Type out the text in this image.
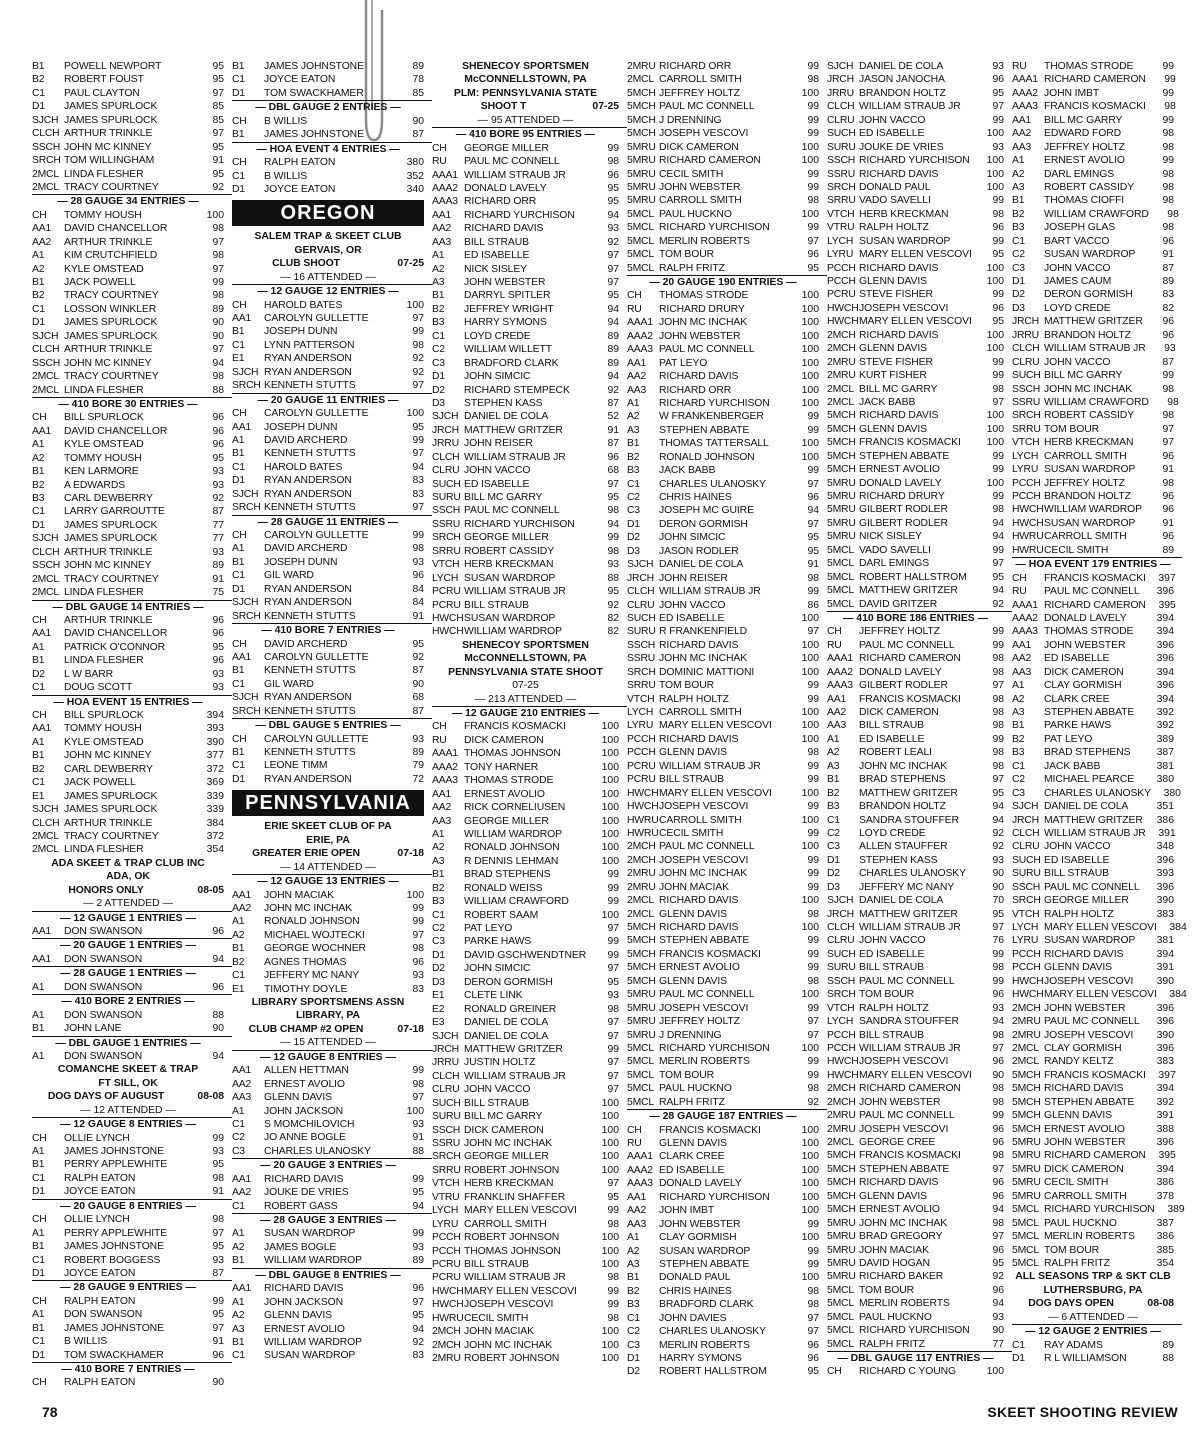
B1	POWELL NEWPORT	95
B2	ROBERT FOUST	95
C1	PAUL CLAYTON	97
D1	JAMES SPURLOCK	85
SJCH JAMES SPURLOCK	85
CLCH ARTHUR TRINKLE	97
SSCH JOHN MC KINNEY	95
SRCH TOM WILLINGHAM	91
2MCL LINDA FLESHER	95
2MCL TRACY COURTNEY	92
— 28 GAUGE 34 ENTRIES —
CH	TOMMY HOUSH	100
AA1	DAVID CHANCELLOR	98
AA2	ARTHUR TRINKLE	97
A1	KIM CRUTCHFIELD	98
A2	KYLE OMSTEAD	97
B1	JACK POWELL	99
B2	TRACY COURTNEY	98
C1	LOSSON WINKLER	89
D1	JAMES SPURLOCK	90
SJCH JAMES SPURLOCK	90
CLCH ARTHUR TRINKLE	97
SSCH JOHN MC KINNEY	94
2MCL TRACY COURTNEY	98
2MCL LINDA FLESHER	88
— 410 BORE 30 ENTRIES —
CH	BILL SPURLOCK	96
AA1	DAVID CHANCELLOR	96
A1	KYLE OMSTEAD	96
A2	TOMMY HOUSH	95
B1	KEN LARMORE	93
B2	A EDWARDS	93
B3	CARL DEWBERRY	92
C1	LARRY GARROUTTE	87
D1	JAMES SPURLOCK	77
SJCH JAMES SPURLOCK	77
CLCH ARTHUR TRINKLE	93
SSCH JOHN MC KINNEY	89
2MCL TRACY COURTNEY	91
2MCL LINDA FLESHER	75
— DBL GAUGE 14 ENTRIES —
CH	ARTHUR TRINKLE	96
AA1	DAVID CHANCELLOR	96
A1	PATRICK O'CONNOR	95
B1	LINDA FLESHER	96
D2	L W BARR	93
C1	DOUG SCOTT	93
— HOA EVENT 15 ENTRIES —
CH	BILL SPURLOCK	394
AA1	TOMMY HOUSH	393
A1	KYLE OMSTEAD	390
B1	JOHN MC KINNEY	377
B2	CARL DEWBERRY	372
C1	JACK POWELL	369
E1	JAMES SPURLOCK	339
SJCH JAMES SPURLOCK	339
CLCH ARTHUR TRINKLE	384
2MCL TRACY COURTNEY	372
2MCL LINDA FLESHER	354
ADA SKEET & TRAP CLUB INC
ADA, OK
HONORS ONLY	08-05
— 2 ATTENDED —
— 12 GAUGE 1 ENTRIES —
AA1	DON SWANSON	96
— 20 GAUGE 1 ENTRIES —
AA1	DON SWANSON	94
— 28 GAUGE 1 ENTRIES —
A1	DON SWANSON	96
— 410 BORE 2 ENTRIES —
A1	DON SWANSON	88
B1	JOHN LANE	90
— DBL GAUGE 1 ENTRIES —
A1	DON SWANSON	94
COMANCHE SKEET & TRAP
FT SILL, OK
DOG DAYS OF AUGUST	08-08
— 12 ATTENDED —
— 12 GAUGE 8 ENTRIES —
CH	OLLIE LYNCH	99
A1	JAMES JOHNSTONE	93
B1	PERRY APPLEWHITE	95
C1	RALPH EATON	98
D1	JOYCE EATON	91
— 20 GAUGE 8 ENTRIES —
CH	OLLIE LYNCH	98
A1	PERRY APPLEWHITE	97
B1	JAMES JOHNSTONE	95
C1	ROBERT BOGGESS	93
D1	JOYCE EATON	87
— 28 GAUGE 9 ENTRIES —
CH	RALPH EATON	99
A1	DON SWANSON	95
B1	JAMES JOHNSTONE	97
C1	B WILLIS	91
D1	TOM SWACKHAMER	96
— 410 BORE 7 ENTRIES —
CH	RALPH EATON	90
B1	JAMES JOHNSTONE	89
C1	JOYCE EATON	78
D1	TOM SWACKHAMER	85
— DBL GAUGE 2 ENTRIES —
CH	B WILLIS	90
B1	JAMES JOHNSTONE	87
— HOA EVENT 4 ENTRIES —
CH	RALPH EATON	380
C1	B WILLIS	352
D1	JOYCE EATON	340
OREGON
SALEM TRAP & SKEET CLUB
GERVAIS, OR
CLUB SHOOT	07-25
— 16 ATTENDED —
— 12 GAUGE 12 ENTRIES —
CH	HAROLD BATES	100
AA1	CAROLYN GULLETTE	97
B1	JOSEPH DUNN	99
C1	LYNN PATTERSON	98
E1	RYAN ANDERSON	92
SJCH RYAN ANDERSON	92
SRCH KENNETH STUTTS	97
— 20 GAUGE 11 ENTRIES —
CH	CAROLYN GULLETTE	100
AA1	JOSEPH DUNN	95
A1	DAVID ARCHERD	99
B1	KENNETH STUTTS	97
C1	HAROLD BATES	94
D1	RYAN ANDERSON	83
SJCH RYAN ANDERSON	83
SRCH KENNETH STUTTS	97
— 28 GAUGE 11 ENTRIES —
CH	CAROLYN GULLETTE	99
A1	DAVID ARCHERD	98
B1	JOSEPH DUNN	93
C1	GIL WARD	96
D1	RYAN ANDERSON	84
SJCH RYAN ANDERSON	84
SRCH KENNETH STUTTS	91
— 410 BORE 7 ENTRIES —
CH	DAVID ARCHERD	95
AA1	CAROLYN GULLETTE	92
B1	KENNETH STUTTS	87
C1	GIL WARD	90
SJCH RYAN ANDERSON	68
SRCH KENNETH STUTTS	87
— DBL GAUGE 5 ENTRIES —
CH	CAROLYN GULLETTE	93
B1	KENNETH STUTTS	89
C1	LEONE TIMM	79
D1	RYAN ANDERSON	72
PENNSYLVANIA
ERIE SKEET CLUB OF PA
ERIE, PA
GREATER ERIE OPEN	07-18
— 14 ATTENDED —
— 12 GAUGE 13 ENTRIES —
AA1	JOHN MACIAK	100
AA2	JOHN MC INCHAK	99
A1	RONALD JOHNSON	99
A2	MICHAEL WOJTECKI	97
B1	GEORGE WOCHNER	98
B2	AGNES THOMAS	96
C1	JEFFERY MC NANY	93
E1	TIMOTHY DOYLE	83
LIBRARY SPORTSMENS ASSN
LIBRARY, PA
CLUB CHAMP #2 OPEN	07-18
— 15 ATTENDED —
— 12 GAUGE 8 ENTRIES —
AA1	ALLEN HETTMAN	99
AA2	ERNEST AVOLIO	98
AA3	GLENN DAVIS	97
A1	JOHN JACKSON	100
C1	S MOMCHILOVICH	93
C2	JO ANNE BOGLE	91
C3	CHARLES ULANOSKY	88
— 20 GAUGE 3 ENTRIES —
AA1	RICHARD DAVIS	99
AA2	JOUKE DE VRIES	95
C1	ROBERT GASS	94
— 28 GAUGE 3 ENTRIES —
A1	SUSAN WARDROP	99
A2	JAMES BOGLE	93
B1	WILLIAM WARDROP	89
— DBL GAUGE 8 ENTRIES —
AA1	RICHARD DAVIS	96
A1	JOHN JACKSON	97
A2	GLENN DAVIS	95
A3	ERNEST AVOLIO	94
B1	WILLIAM WARDROP	92
C1	SUSAN WARDROP	83
SHENECOY SPORTSMEN
McCONNELLSTOWN, PA
PLM: PENNSYLVANIA STATE
SHOOT T	07-25
— 95 ATTENDED —
— 410 BORE 95 ENTRIES —
CH	GEORGE MILLER	99
RU	PAUL MC CONNELL	98
AAA1 WILLIAM STRAUB JR	96
AAA2 DONALD LAVELY	95
AAA3 RICHARD ORR	95
AA1	RICHARD YURCHISON	94
AA2	RICHARD DAVIS	93
AA3	BILL STRAUB	92
A1	ED ISABELLE	97
A2	NICK SISLEY	97
A3	JOHN WEBSTER	97
B1	DARRYL SPITLER	95
B2	JEFFREY WRIGHT	94
B3	HARRY SYMONS	94
C1	LOYD CREDE	89
C2	WILLIAM WILLETT	89
C3	BRADFORD CLARK	89
D1	JOHN SIMCIC	94
D2	RICHARD STEMPECK	92
D3	STEPHEN KASS	87
SJCH DANIEL DE COLA	52
JRCH MATTHEW GRITZER	91
JRRU JOHN REISER	87
CLCH WILLIAM STRAUB JR	96
CLRU JOHN VACCO	68
SUCH ED ISABELLE	97
SURU BILL MC GARRY	95
SSCH PAUL MC CONNELL	98
SSRU RICHARD YURCHISON	94
SRCH GEORGE MILLER	99
SRRU ROBERT CASSIDY	98
VTCH HERB KRECKMAN	93
LYCH SUSAN WARDROP	88
PCRU WILLIAM STRAUB JR	95
PCRU BILL STRAUB	92
HWCH SUSAN WARDROP	82
HWCH WILLIAM WARDROP	82
SHENECOY SPORTSMEN
McCONNELLSTOWN, PA
PENNSYLVANIA STATE SHOOT
07-25
— 213 ATTENDED —
— 12 GAUGE 210 ENTRIES —
CH	FRANCIS KOSMACKI	100
RU	DICK CAMERON	100
AAA1 THOMAS JOHNSON	100
AAA2 TONY HARNER	100
AAA3 THOMAS STRODE	100
AA1	ERNEST AVOLIO	100
AA2	RICK CORNELIUSEN	100
AA3	GEORGE MILLER	100
A1	WILLIAM WARDROP	100
A2	RONALD JOHNSON	100
A3	R DENNIS LEHMAN	100
B1	BRAD STEPHENS	99
B2	RONALD WEISS	99
B3	WILLIAM CRAWFORD	99
C1	ROBERT SAAM	100
C2	PAT LEYO	97
C3	PARKE HAWS	99
D1	DAVID GSCHWENDTNER	99
D2	JOHN SIMCIC	97
D3	DERON GORMISH	95
E1	CLETE LINK	93
E2	RONALD GREINER	98
E3	DANIEL DE COLA	97
SJCH DANIEL DE COLA	97
JRCH MATTHEW GRITZER	99
JRRU JUSTIN HOLTZ	97
CLCH WILLIAM STRAUB JR	97
CLRU JOHN VACCO	97
SUCH BILL STRAUB	100
SURU BILL MC GARRY	100
SSCH DICK CAMERON	100
SSRU JOHN MC INCHAK	100
SRCH GEORGE MILLER	100
SRRU ROBERT JOHNSON	100
VTCH HERB KRECKMAN	97
VTRU FRANKLIN SHAFFER	95
LYCH MARY ELLEN VESCOVI	99
LYRU CARROLL SMITH	98
PCCH ROBERT JOHNSON	100
PCCH THOMAS JOHNSON	100
PCRU BILL STRAUB	100
PCRU WILLIAM STRAUB JR	98
HWCH MARY ELLEN VESCOVI	99
HWCH JOSEPH VESCOVI	99
HWRU CECIL SMITH	98
2MCH JOHN MACIAK	100
2MCH JOHN MC INCHAK	100
2MRU ROBERT JOHNSON	100
2MRU RICHARD ORR	99
2MCL CARROLL SMITH	98
5MCH JEFFREY HOLTZ	100
5MCH PAUL MC CONNELL	99
5MCH J DRENNING	99
5MCH JOSEPH VESCOVI	99
5MRU DICK CAMERON	100
5MRU RICHARD CAMERON	100
5MRU CECIL SMITH	99
5MRU JOHN WEBSTER	99
5MRU CARROLL SMITH	98
5MCL PAUL HUCKNO	100
5MCL RICHARD YURCHISON	99
5MCL MERLIN ROBERTS	97
5MCL TOM BOUR	96
5MCL RALPH FRITZ	95
— 20 GAUGE 190 ENTRIES —
CH	THOMAS STRODE	100
RU	RICHARD DRURY	100
AAA1 JOHN MC INCHAK	100
AAA2 JOHN WEBSTER	100
AAA3 PAUL MC CONNELL	100
AA1	PAT LEYO	100
AA2	RICHARD DAVIS	100
AA3	RICHARD ORR	100
A1	RICHARD YURCHISON	100
A2	W FRANKENBERGER	99
A3	STEPHEN ABBATE	99
B1	THOMAS TATTERSALL	100
B2	RONALD JOHNSON	100
B3	JACK BABB	99
C1	CHARLES ULANOSKY	97
C2	CHRIS HAINES	96
C3	JOSEPH MC GUIRE	94
D1	DERON GORMISH	97
D2	JOHN SIMCIC	95
D3	JASON RODLER	95
SJCH DANIEL DE COLA	91
JRCH JOHN REISER	98
CLCH WILLIAM STRAUB JR	99
CLRU JOHN VACCO	86
SUCH ED ISABELLE	100
SURU R FRANKENFIELD	97
SSCH RICHARD DAVIS	100
SSRU JOHN MC INCHAK	100
SRCH DOMINIC MATTIONI	100
SRRU TOM BOUR	99
VTCH RALPH HOLTZ	99
LYCH CARROLL SMITH	100
LYRU MARY ELLEN VESCOVI	100
PCCH RICHARD DAVIS	100
PCCH GLENN DAVIS	98
PCRU WILLIAM STRAUB JR	99
PCRU BILL STRAUB	99
HWCH MARY ELLEN VESCOVI	100
HWCH JOSEPH VESCOVI	99
HWRU CARROLL SMITH	100
HWRU CECIL SMITH	99
2MCH PAUL MC CONNELL	100
2MCH JOSEPH VESCOVI	99
2MRU JOHN MC INCHAK	99
2MRU JOHN MACIAK	99
2MCL RICHARD DAVIS	100
2MCL GLENN DAVIS	98
5MCH RICHARD DAVIS	100
5MCH STEPHEN ABBATE	99
5MCH FRANCIS KOSMACKI	99
5MCH ERNEST AVOLIO	99
5MCH GLENN DAVIS	98
5MRU PAUL MC CONNELL	100
5MRU JOSEPH VESCOVI	99
5MRU JEFFREY HOLTZ	97
5MRU J DRENNING	97
5MCL RICHARD YURCHISON	100
5MCL MERLIN ROBERTS	99
5MCL TOM BOUR	99
5MCL PAUL HUCKNO	98
5MCL RALPH FRITZ	92
— 28 GAUGE 187 ENTRIES —
CH	FRANCIS KOSMACKI	100
RU	GLENN DAVIS	100
AAA1 CLARK CREE	100
AAA2 ED ISABELLE	100
AAA3 DONALD LAVELY	100
AA1	RICHARD YURCHISON	100
AA2	JOHN IMBT	100
AA3	JOHN WEBSTER	99
A1	CLAY GORMISH	100
A2	SUSAN WARDROP	99
A3	STEPHEN ABBATE	99
B1	DONALD PAUL	100
B2	CHRIS HAINES	98
B3	BRADFORD CLARK	98
C1	JOHN DAVIES	97
C2	CHARLES ULANOSKY	97
C3	MERLIN ROBERTS	96
D1	HARRY SYMONS	96
D2	ROBERT HALLSTROM	95
SJCH DANIEL DE COLA	93
JRCH JASON JANOCHA	96
JRRU BRANDON HOLTZ	95
CLCH WILLIAM STRAUB JR	97
CLRU JOHN VACCO	99
SUCH ED ISABELLE	100
SURU JOUKE DE VRIES	93
SSCH RICHARD YURCHISON	100
SSRU RICHARD DAVIS	100
SRCH DONALD PAUL	100
SRRU VADO SAVELLI	99
VTCH HERB KRECKMAN	98
VTRU RALPH HOLTZ	96
LYCH SUSAN WARDROP	99
LYRU MARY ELLEN VESCOVI	95
PCCH RICHARD DAVIS	100
PCCH GLENN DAVIS	100
PCRU STEVE FISHER	99
HWCH JOSEPH VESCOVI	96
HWCH MARY ELLEN VESCOVI	95
2MCH RICHARD DAVIS	100
2MCH GLENN DAVIS	100
2MRU STEVE FISHER	99
2MRU KURT FISHER	99
2MCL BILL MC GARRY	98
2MCL JACK BABB	97
5MCH RICHARD DAVIS	100
5MCH GLENN DAVIS	100
5MCH FRANCIS KOSMACKI	100
5MCH STEPHEN ABBATE	99
5MCH ERNEST AVOLIO	99
5MRU DONALD LAVELY	100
5MRU RICHARD DRURY	99
5MRU GILBERT RODLER	98
5MRU GILBERT RODLER	94
5MRU NICK SISLEY	94
5MCL VADO SAVELLI	99
5MCL DARL EMINGS	97
5MCL ROBERT HALLSTROM	95
5MCL MATTHEW GRITZER	94
5MCL DAVID GRITZER	92
— 410 BORE 186 ENTRIES —
CH	JEFFREY HOLTZ	99
RU	PAUL MC CONNELL	99
AAA1 RICHARD CAMERON	98
AAA2 DONALD LAVELY	98
AAA3 GILBERT RODLER	97
AA1	FRANCIS KOSMACKI	98
AA2	DICK CAMERON	98
AA3	BILL STRAUB	98
A1	ED ISABELLE	99
A2	ROBERT LEALI	98
A3	JOHN MC INCHAK	98
B1	BRAD STEPHENS	97
B2	MATTHEW GRITZER	95
B3	BRANDON HOLTZ	94
C1	SANDRA STOUFFER	94
C2	LOYD CREDE	92
C3	ALLEN STAUFFER	92
D1	STEPHEN KASS	93
D2	CHARLES ULANOSKY	90
D3	JEFFERY MC NANY	90
SJCH DANIEL DE COLA	70
JRCH MATTHEW GRITZER	95
CLCH WILLIAM STRAUB JR	97
CLRU JOHN VACCO	76
SUCH ED ISABELLE	99
SURU BILL STRAUB	98
SSCH PAUL MC CONNELL	99
SRCH TOM BOUR	96
VTCH RALPH HOLTZ	93
LYCH SANDRA STOUFFER	94
PCCH BILL STRAUB	98
PCCH WILLIAM STRAUB JR	97
HWCH JOSEPH VESCOVI	96
HWCH MARY ELLEN VESCOVI	90
2MCH RICHARD CAMERON	98
2MCH JOHN WEBSTER	98
2MRU PAUL MC CONNELL	99
2MRU JOSEPH VESCOVI	96
2MCL GEORGE CREE	96
5MCH FRANCIS KOSMACKI	98
5MCH STEPHEN ABBATE	97
5MCH RICHARD DAVIS	96
5MCH GLENN DAVIS	96
5MCH ERNEST AVOLIO	94
5MRU JOHN MC INCHAK	98
5MRU BRAD GREGORY	97
5MRU JOHN MACIAK	96
5MRU DAVID HOGAN	95
5MRU RICHARD BAKER	92
5MCL TOM BOUR	96
5MCL MERLIN ROBERTS	94
5MCL PAUL HUCKNO	93
5MCL RICHARD YURCHISON	90
5MCL RALPH FRITZ	77
— DBL GAUGE 117 ENTRIES —
CH	RICHARD C YOUNG	100
RU	THOMAS STRODE	99
AAA1 RICHARD CAMERON	99
AAA2 JOHN IMBT	99
AAA3 FRANCIS KOSMACKI	98
AA1	BILL MC GARRY	99
AA2	EDWARD FORD	98
AA3	JEFFREY HOLTZ	98
A1	ERNEST AVOLIO	99
A2	DARL EMINGS	98
A3	ROBERT CASSIDY	98
B1	THOMAS CIOFFI	98
B2	WILLIAM CRAWFORD	98
B3	JOSEPH GLAS	98
C1	BART VACCO	96
C2	SUSAN WARDROP	91
C3	JOHN VACCO	87
D1	JAMES CAUM	89
D2	DERON GORMISH	83
D3	LOYD CREDE	82
JRCH MATTHEW GRITZER	96
JRRU BRANDON HOLTZ	96
CLCH WILLIAM STRAUB JR	93
CLRU JOHN VACCO	87
SUCH BILL MC GARRY	99
SSCH JOHN MC INCHAK	98
SSRU WILLIAM CRAWFORD	98
SRCH ROBERT CASSIDY	98
SRRU TOM BOUR	97
VTCH HERB KRECKMAN	97
LYCH CARROLL SMITH	96
LYRU SUSAN WARDROP	91
PCCH JEFFREY HOLTZ	98
PCCH BRANDON HOLTZ	96
HWCH WILLIAM WARDROP	96
HWCH SUSAN WARDROP	91
HWRU CARROLL SMITH	96
HWRU CECIL SMITH	89
— HOA EVENT 179 ENTRIES —
CH	FRANCIS KOSMACKI	397
RU	PAUL MC CONNELL	396
AAA1 RICHARD CAMERON	395
AAA2 DONALD LAVELY	394
AAA3 THOMAS STRODE	394
AA1	JOHN WEBSTER	396
AA2	ED ISABELLE	396
AA3	DICK CAMERON	394
A1	CLAY GORMISH	396
A2	CLARK CREE	394
A3	STEPHEN ABBATE	392
B1	PARKE HAWS	392
B2	PAT LEYO	389
B3	BRAD STEPHENS	387
C1	JACK BABB	381
C2	MICHAEL PEARCE	380
C3	CHARLES ULANOSKY	380
SJCH DANIEL DE COLA	351
JRCH MATTHEW GRITZER	386
CLCH WILLIAM STRAUB JR	391
CLRU JOHN VACCO	348
SUCH ED ISABELLE	396
SURU BILL STRAUB	393
SSCH PAUL MC CONNELL	396
SRCH GEORGE MILLER	390
VTCH RALPH HOLTZ	383
LYCH MARY ELLEN VESCOVI	384
LYRU SUSAN WARDROP	381
PCCH RICHARD DAVIS	394
PCCH GLENN DAVIS	391
HWCH JOSEPH VESCOVI	390
HWCH MARY ELLEN VESCOVI	384
2MCH JOHN WEBSTER	396
2MRU PAUL MC CONNELL	396
2MRU JOSEPH VESCOVI	390
2MCL CLAY GORMISH	396
2MCL RANDY KELTZ	383
5MCH FRANCIS KOSMACKI	397
5MCH RICHARD DAVIS	394
5MCH STEPHEN ABBATE	392
5MCH GLENN DAVIS	391
5MCH ERNEST AVOLIO	388
5MRU JOHN WEBSTER	396
5MRU RICHARD CAMERON	395
5MRU DICK CAMERON	394
5MRU CECIL SMITH	386
5MRU CARROLL SMITH	378
5MCL RICHARD YURCHISON	389
5MCL PAUL HUCKNO	387
5MCL MERLIN ROBERTS	386
5MCL TOM BOUR	385
5MCL RALPH FRITZ	354
ALL SEASONS TRP & SKT CLB
LUTHERSBURG, PA
DOG DAYS OPEN	08-08
— 6 ATTENDED —
— 12 GAUGE 2 ENTRIES —
C1	RAY ADAMS	89
D1	R L WILLIAMSON	88
78	SKEET SHOOTING REVIEW
